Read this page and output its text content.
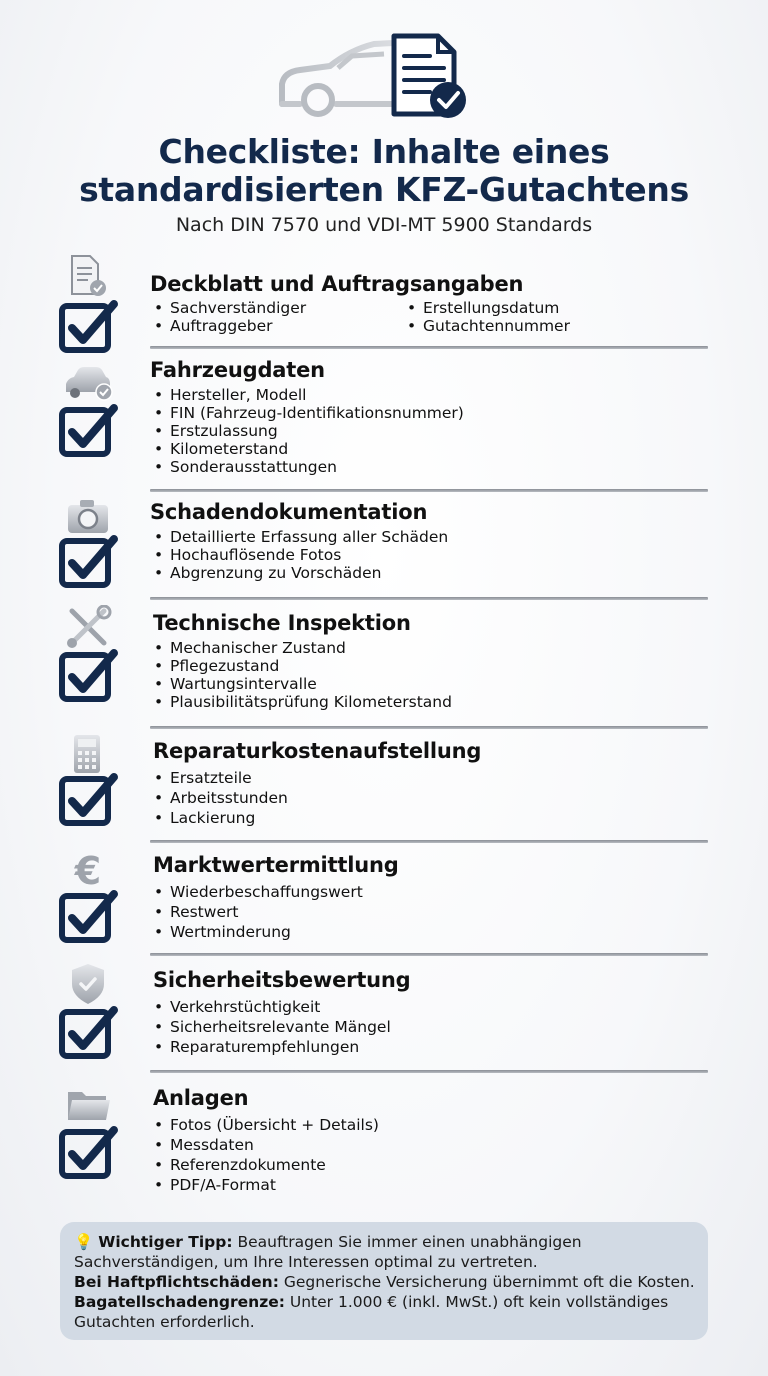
Checkliste: Inhalte eines
standardisierten KFZ-Gutachtens
Nach DIN 7570 und VDI-MT 5900 Standards
Deckblatt und Auftragsangaben
• Sachverständiger
• Auftraggeber
• Erstellungsdatum
• Gutachtennummer
Fahrzeugdaten
• Hersteller, Modell
• FIN (Fahrzeug-Identifikationsnummer)
• Erstzulassung
• Kilometerstand
• Sonderausstattungen
Schadendokumentation
• Detaillierte Erfassung aller Schäden
• Hochauflösende Fotos
• Abgrenzung zu Vorschäden
Technische Inspektion
• Mechanischer Zustand
• Pflegezustand
• Wartungsintervalle
• Plausibilitätsprüfung Kilometerstand
Reparaturkostenaufstellung
• Ersatzteile
• Arbeitsstunden
• Lackierung
€ Marktwertermittlung
• Wiederbeschaffungswert
• Restwert
• Wertminderung
Sicherheitsbewertung
• Verkehrstüchtigkeit
• Sicherheitsrelevante Mängel
• Reparaturempfehlungen
Anlagen
• Fotos (Übersicht + Details)
• Messdaten
• Referenzdokumente
• PDF/A-Format

💡 Wichtiger Tipp: Beauftragen Sie immer einen unabhängigen

Sachverständigen, um Ihre Interessen optimal zu vertreten.

Bei Haftpflichtschäden: Gegnerische Versicherung übernimmt oft die Kosten.

Bagatellschadengrenze: Unter 1.000 € (inkl. MwSt.) oft kein vollständiges

Gutachten erforderlich.
